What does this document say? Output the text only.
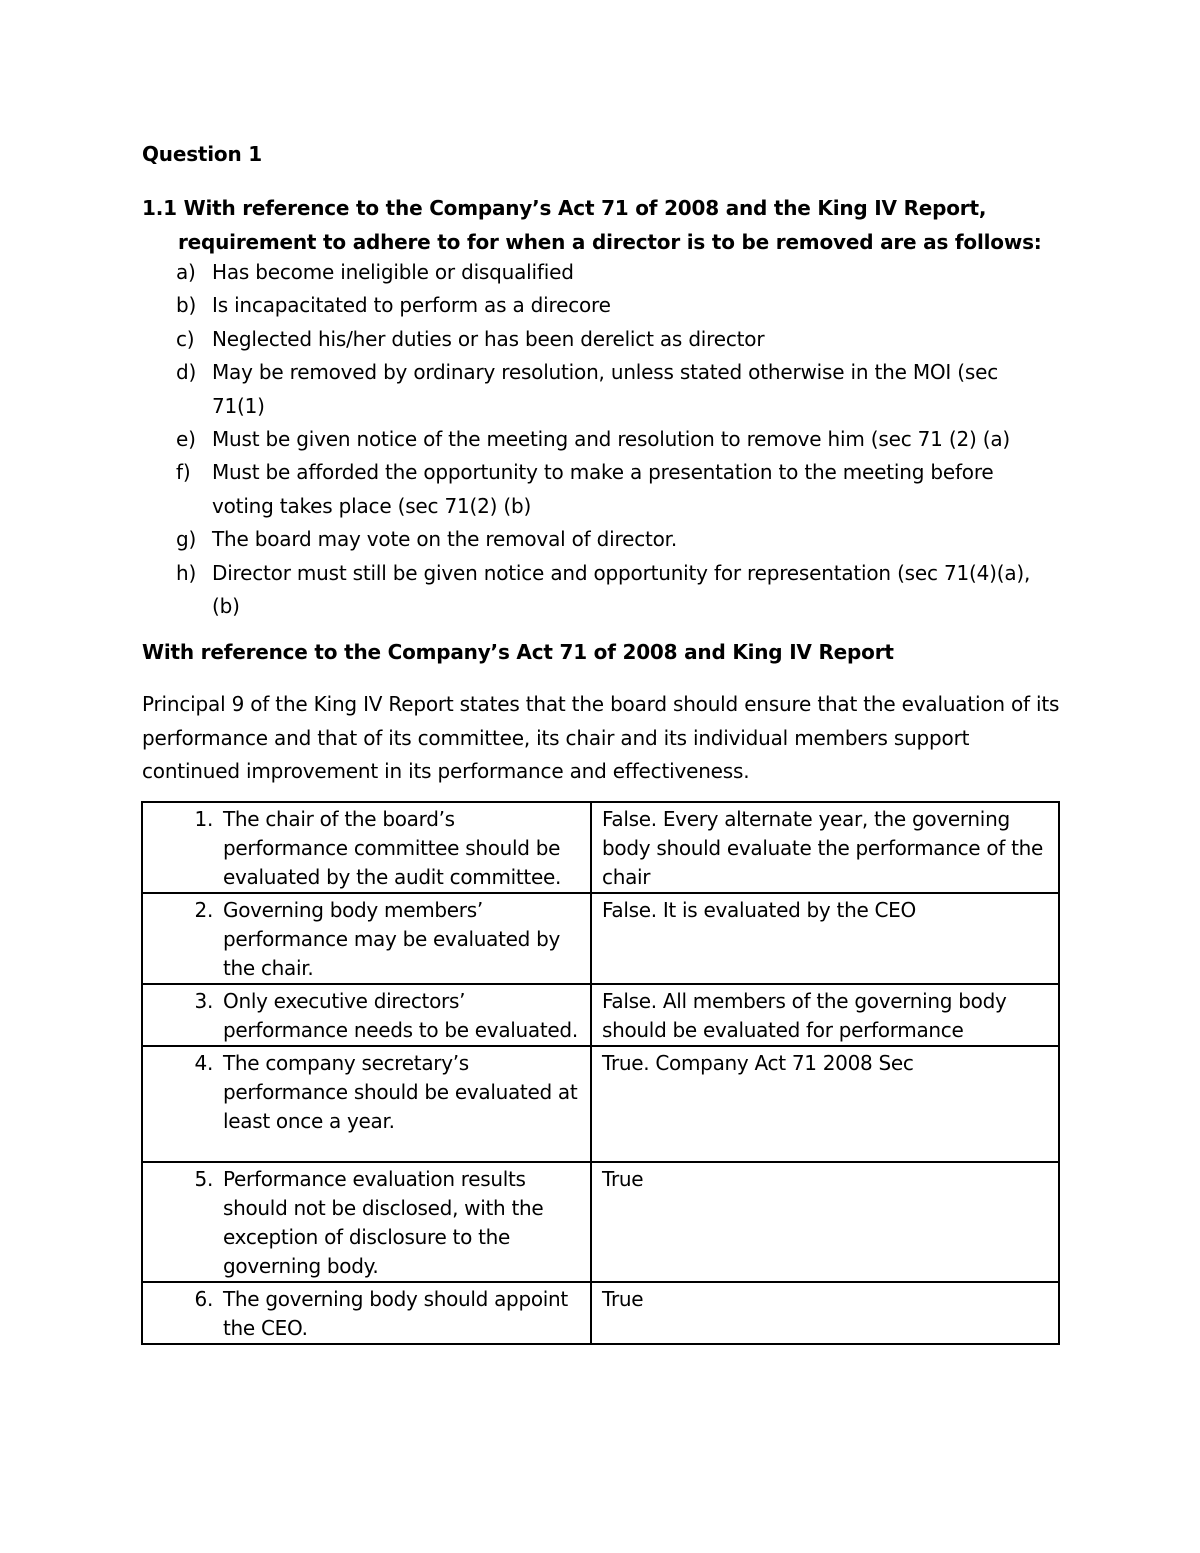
Question 1

1.1 With reference to the Company’s Act 71 of 2008 and the King IV Report,
requirement to adhere to for when a director is to be removed are as follows:

a) Has become ineligible or disqualified
b) Is incapacitated to perform as a direcore
c) Neglected his/her duties or has been derelict as director
d) May be removed by ordinary resolution, unless stated otherwise in the MOI (sec 71(1)
e) Must be given notice of the meeting and resolution to remove him (sec 71 (2) (a)
f)	Must be afforded the opportunity to make a presentation to the meeting before voting takes place (sec 71(2) (b)
g) The board may vote on the removal of director.
h) Director must still be given notice and opportunity for representation (sec 71(4)(a),(b)
With reference to the Company’s Act 71 of 2008 and King IV Report

Principal 9 of the King IV Report states that the board should ensure that the evaluation of its performance and that of its committee, its chair and its individual members support continued improvement in its performance and effectiveness.

1. The chair of the board’s performance committee should be evaluated by the audit committee.	False. Every alternate year, the governing body should evaluate the performance of the chair

2. Governing body members’ performance may be evaluated by the chair.	False. It is evaluated by the CEO

3. Only executive directors’ performance needs to be evaluated.	False. All members of the governing body should be evaluated for performance

4. The company secretary’s performance should be evaluated at least once a year.	True. Company Act 71 2008 Sec

5. Performance evaluation results should not be disclosed, with the exception of disclosure to the governing body.	True

6. The governing body should appoint the CEO.	True
